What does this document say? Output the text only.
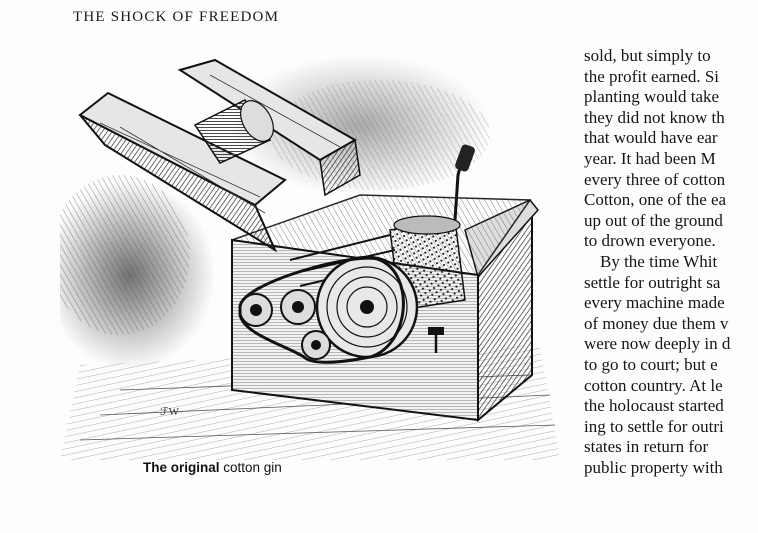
THE SHOCK OF FREEDOM
ℱW
The original cotton gin
sold, but simply to
the profit earned. Si
planting would take
they did not know th
that would have ear
year. It had been M
every three of cotton
Cotton, one of the ea
up out of the ground
to drown everyone.
By the time Whit
settle for outright sa
every machine made
of money due them v
were now deeply in d
to go to court; but e
cotton country. At le
the holocaust started
ing to settle for outri
states in return for
public property with
